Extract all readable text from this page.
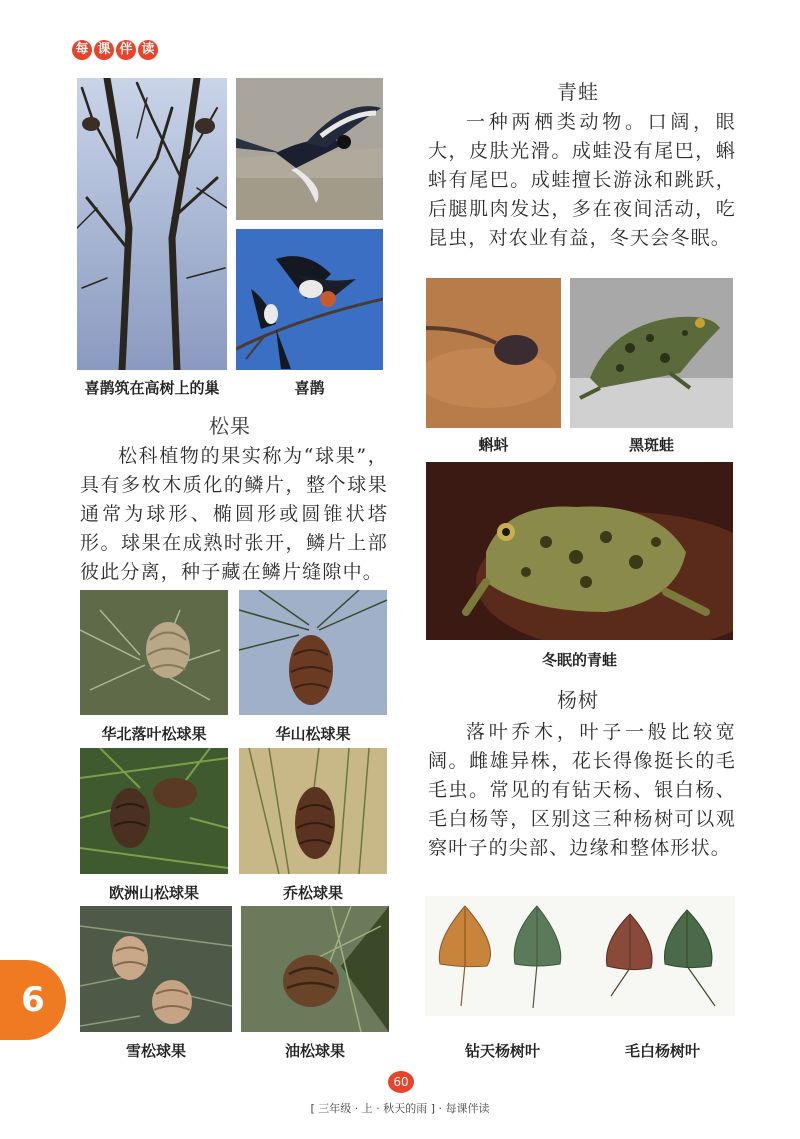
每 课 伴 读
喜鹊筑在高树上的巢	喜鹊
松果

松科植物的果实称为“球果”，具有多枚木质化的鳞片，整个球果通常为球形、椭圆形或圆锥状塔形。球果在成熟时张开，鳞片上部彼此分离，种子藏在鳞片缝隙中。

华北落叶松球果	华山松球果
欧洲山松球果	乔松球果
雪松球果	油松球果
青蛙

一种两栖类动物。口阔，眼大，皮肤光滑。成蛙没有尾巴，蝌蚪有尾巴。成蛙擅长游泳和跳跃，后腿肌肉发达，多在夜间活动，吃昆虫，对农业有益，冬天会冬眠。

蝌蚪	黑斑蛙
冬眠的青蛙
杨树

落叶乔木，叶子一般比较宽阔。雌雄异株，花长得像挺长的毛毛虫。常见的有钻天杨、银白杨、毛白杨等，区别这三种杨树可以观察叶子的尖部、边缘和整体形状。

钻天杨树叶	毛白杨树叶
6
60
[ 三年级 · 上 · 秋天的雨 ] · 每课伴读
